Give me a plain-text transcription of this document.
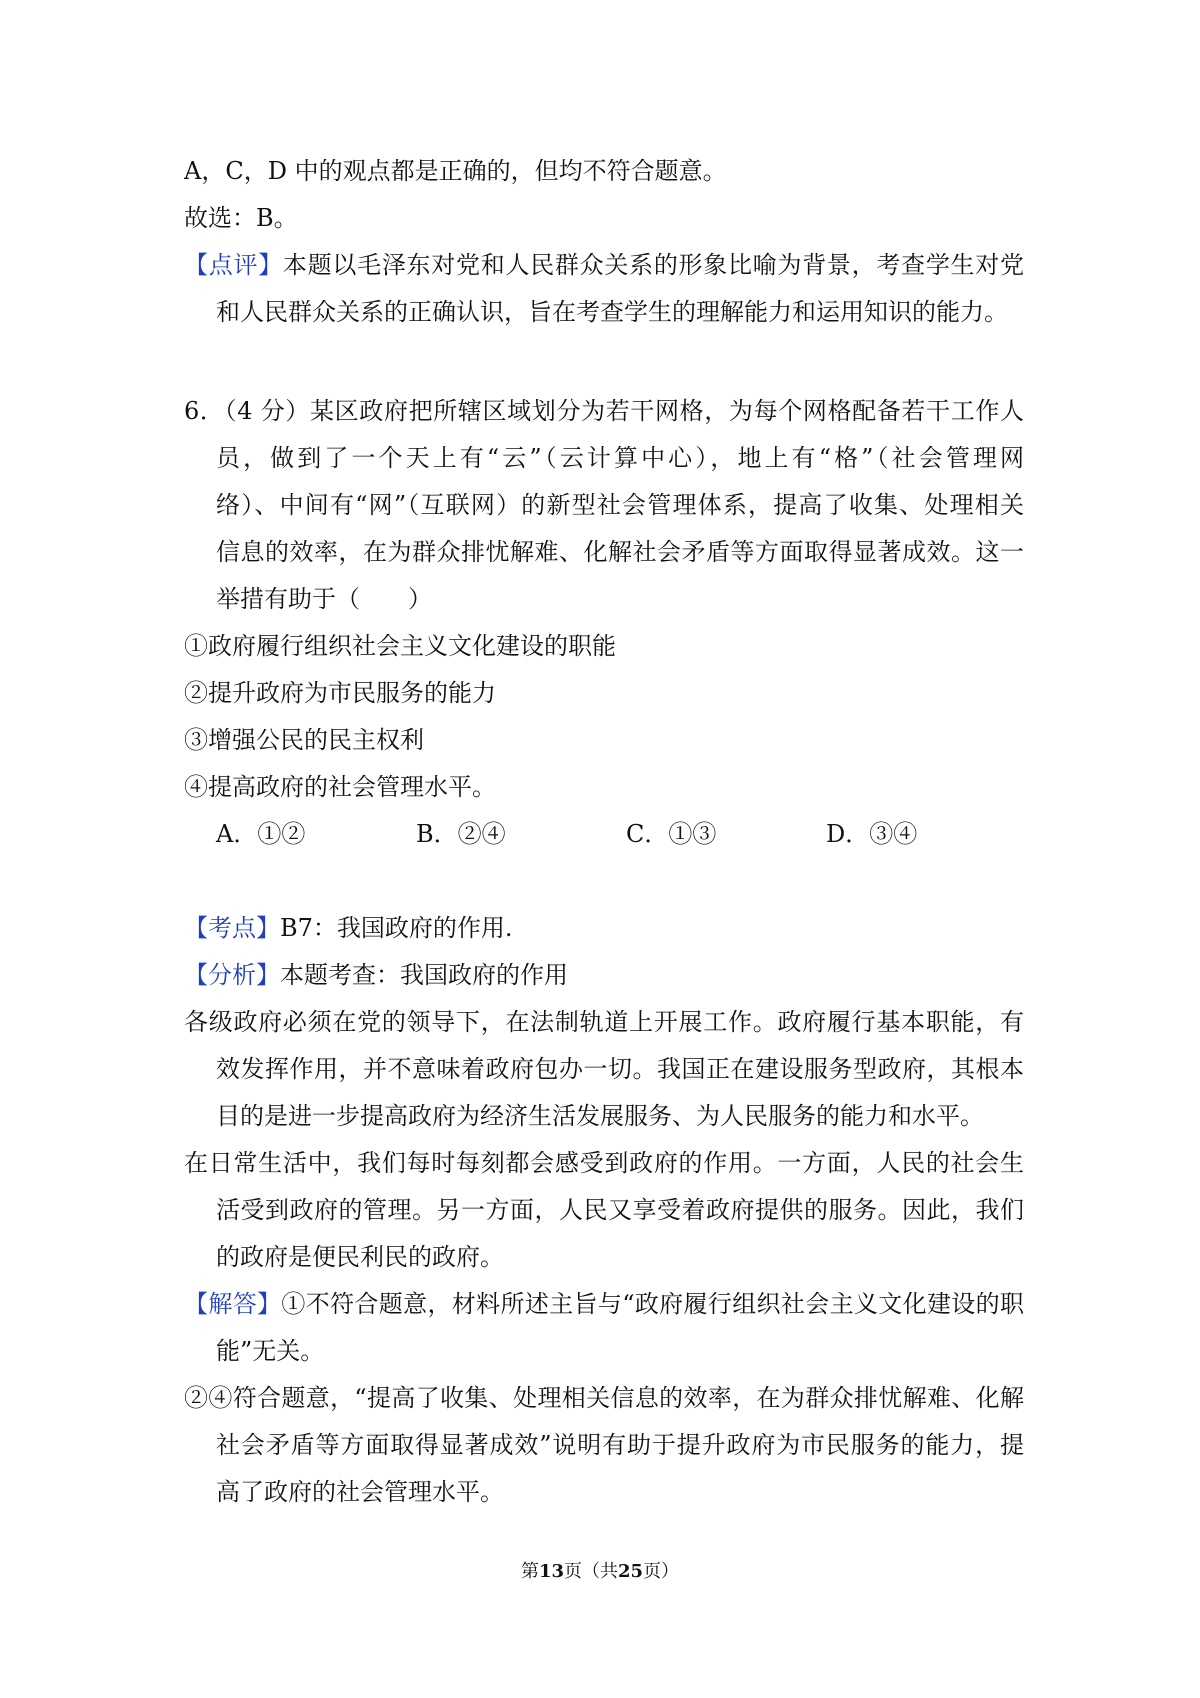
A，C，D 中的观点都是正确的，但均不符合题意。
故选：B。
【点评】本题以毛泽东对党和人民群众关系的形象比喻为背景，考查学生对党
和人民群众关系的正确认识，旨在考查学生的理解能力和运用知识的能力。
6．（4 分）某区政府把所辖区域划分为若干网格，为每个网格配备若干工作人
员，做到了一个天上有“云”（云计算中心），地上有“格”（社会管理网
络）、中间有“网”（互联网）的新型社会管理体系，提高了收集、处理相关
信息的效率，在为群众排忧解难、化解社会矛盾等方面取得显著成效。这一
举措有助于（　　）
①政府履行组织社会主义文化建设的职能
②提升政府为市民服务的能力
③增强公民的民主权利
④提高政府的社会管理水平。
A．①②	B．②④	C．①③	D．③④
【考点】B7：我国政府的作用.
【分析】本题考查：我国政府的作用
各级政府必须在党的领导下，在法制轨道上开展工作。政府履行基本职能，有
效发挥作用，并不意味着政府包办一切。我国正在建设服务型政府，其根本
目的是进一步提高政府为经济生活发展服务、为人民服务的能力和水平。
在日常生活中，我们每时每刻都会感受到政府的作用。一方面，人民的社会生
活受到政府的管理。另一方面，人民又享受着政府提供的服务。因此，我们
的政府是便民利民的政府。
【解答】①不符合题意，材料所述主旨与“政府履行组织社会主义文化建设的职
能”无关。
②④符合题意，“提高了收集、处理相关信息的效率，在为群众排忧解难、化解
社会矛盾等方面取得显著成效”说明有助于提升政府为市民服务的能力，提
高了政府的社会管理水平。
第13页（共25页）
